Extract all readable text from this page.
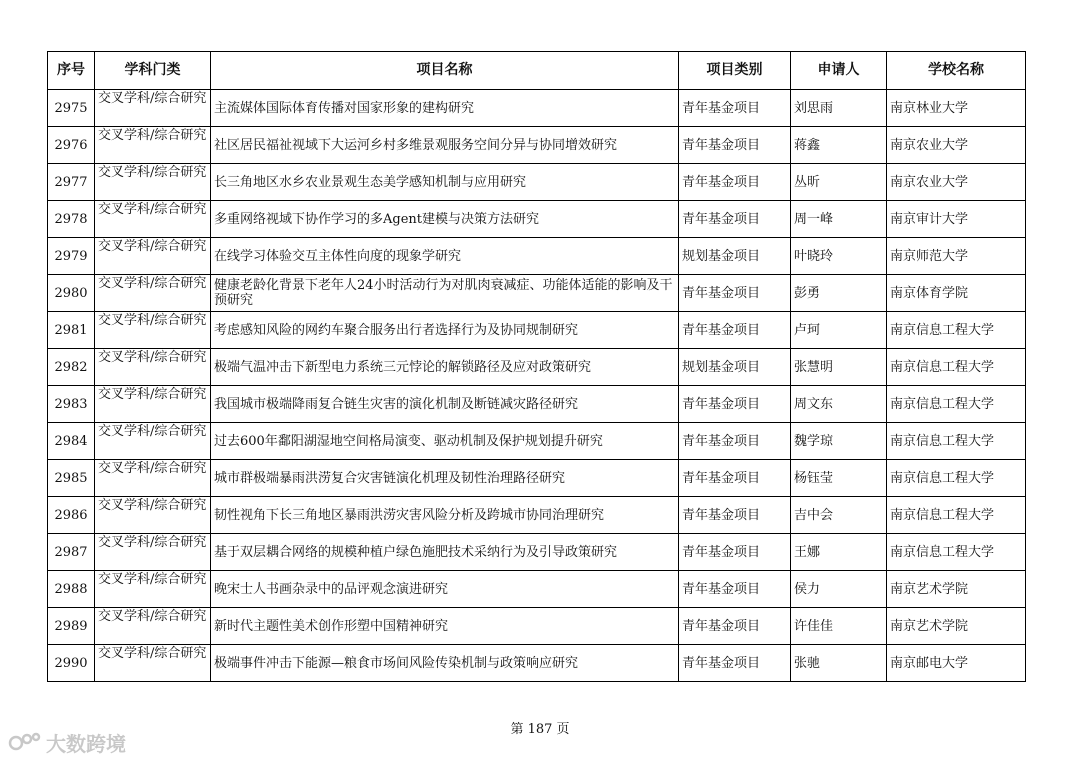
序号	学科门类	项目名称	项目类别	申请人	学校名称
2975	交叉学科/综合研究	主流媒体国际体育传播对国家形象的建构研究	青年基金项目	刘思雨	南京林业大学
2976	交叉学科/综合研究	社区居民福祉视域下大运河乡村多维景观服务空间分异与协同增效研究	青年基金项目	蒋鑫	南京农业大学
2977	交叉学科/综合研究	长三角地区水乡农业景观生态美学感知机制与应用研究	青年基金项目	丛昕	南京农业大学
2978	交叉学科/综合研究	多重网络视域下协作学习的多Agent建模与决策方法研究	青年基金项目	周一峰	南京审计大学
2979	交叉学科/综合研究	在线学习体验交互主体性向度的现象学研究	规划基金项目	叶晓玲	南京师范大学
2980	交叉学科/综合研究	健康老龄化背景下老年人24小时活动行为对肌肉衰减症、功能体适能的影响及干预研究	青年基金项目	彭勇	南京体育学院
2981	交叉学科/综合研究	考虑感知风险的网约车聚合服务出行者选择行为及协同规制研究	青年基金项目	卢珂	南京信息工程大学
2982	交叉学科/综合研究	极端气温冲击下新型电力系统三元悖论的解锁路径及应对政策研究	规划基金项目	张慧明	南京信息工程大学
2983	交叉学科/综合研究	我国城市极端降雨复合链生灾害的演化机制及断链减灾路径研究	青年基金项目	周文东	南京信息工程大学
2984	交叉学科/综合研究	过去600年鄱阳湖湿地空间格局演变、驱动机制及保护规划提升研究	青年基金项目	魏学琼	南京信息工程大学
2985	交叉学科/综合研究	城市群极端暴雨洪涝复合灾害链演化机理及韧性治理路径研究	青年基金项目	杨钰莹	南京信息工程大学
2986	交叉学科/综合研究	韧性视角下长三角地区暴雨洪涝灾害风险分析及跨城市协同治理研究	青年基金项目	吉中会	南京信息工程大学
2987	交叉学科/综合研究	基于双层耦合网络的规模种植户绿色施肥技术采纳行为及引导政策研究	青年基金项目	王娜	南京信息工程大学
2988	交叉学科/综合研究	晚宋士人书画杂录中的品评观念演进研究	青年基金项目	侯力	南京艺术学院
2989	交叉学科/综合研究	新时代主题性美术创作形塑中国精神研究	青年基金项目	许佳佳	南京艺术学院
2990	交叉学科/综合研究	极端事件冲击下能源—粮食市场间风险传染机制与政策响应研究	青年基金项目	张驰	南京邮电大学
第 187 页
大数跨境
